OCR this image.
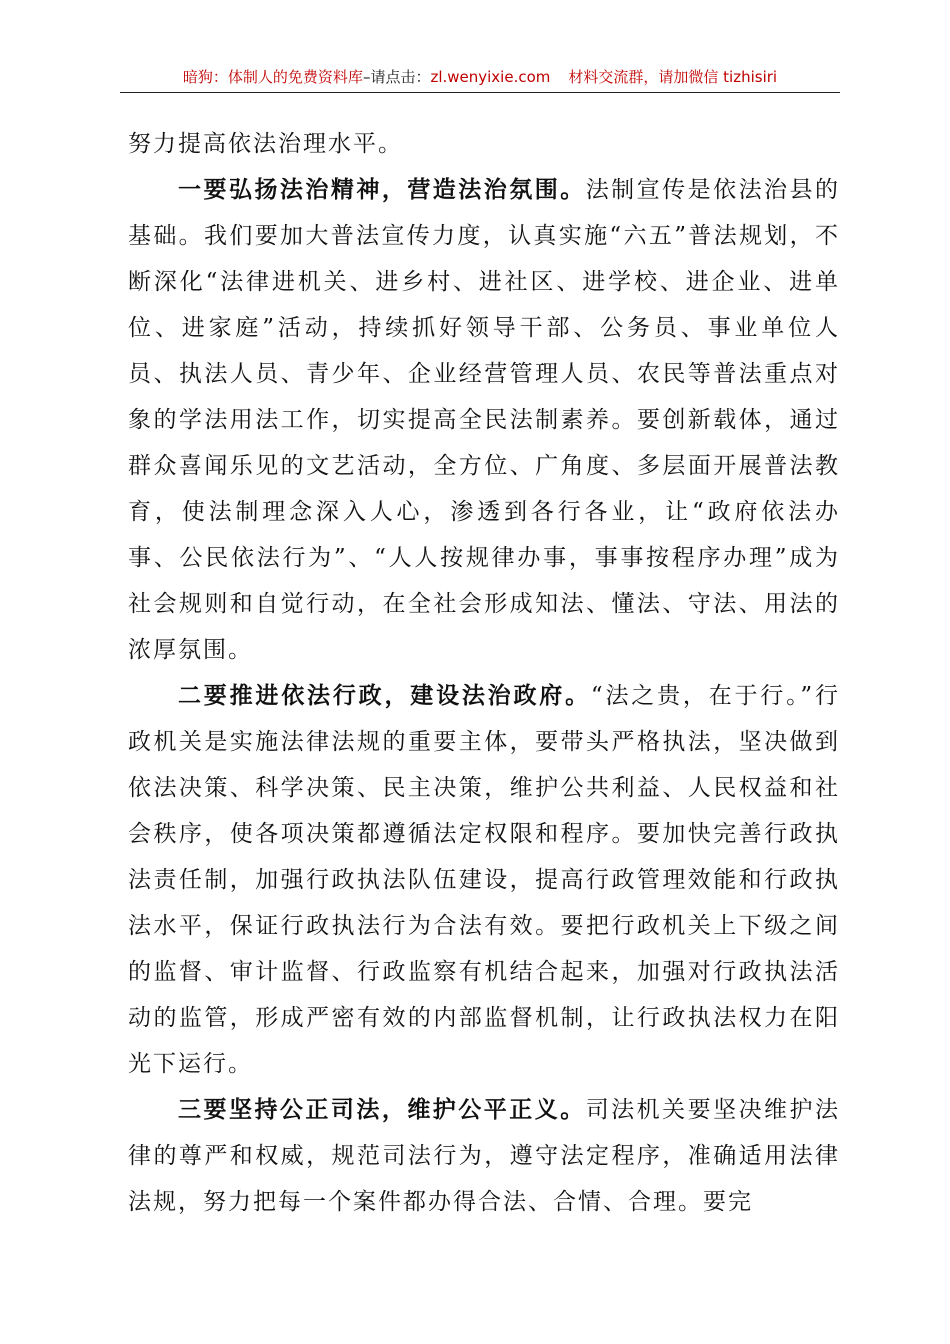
暗狗：体制人的免费资料库–请点击：zl.wenyixie.com 材料交流群，请加微信 tizhisiri

努力提高依法治理水平。

一要弘扬法治精神，营造法治氛围。法制宣传是依法治县的基础。我们要加大普法宣传力度，认真实施“六五”普法规划，不断深化“法律进机关、进乡村、进社区、进学校、进企业、进单位、进家庭”活动，持续抓好领导干部、公务员、事业单位人员、执法人员、青少年、企业经营管理人员、农民等普法重点对象的学法用法工作，切实提高全民法制素养。要创新载体，通过群众喜闻乐见的文艺活动，全方位、广角度、多层面开展普法教育，使法制理念深入人心，渗透到各行各业，让“政府依法办事、公民依法行为”、“人人按规律办事，事事按程序办理”成为社会规则和自觉行动，在全社会形成知法、懂法、守法、用法的浓厚氛围。

二要推进依法行政，建设法治政府。“法之贵，在于行。”行政机关是实施法律法规的重要主体，要带头严格执法，坚决做到依法决策、科学决策、民主决策，维护公共利益、人民权益和社会秩序，使各项决策都遵循法定权限和程序。要加快完善行政执法责任制，加强行政执法队伍建设，提高行政管理效能和行政执法水平，保证行政执法行为合法有效。要把行政机关上下级之间的监督、审计监督、行政监察有机结合起来，加强对行政执法活动的监管，形成严密有效的内部监督机制，让行政执法权力在阳光下运行。

三要坚持公正司法，维护公平正义。司法机关要坚决维护法律的尊严和权威，规范司法行为，遵守法定程序，准确适用法律法规，努力把每一个案件都办得合法、合情、合理。要完
